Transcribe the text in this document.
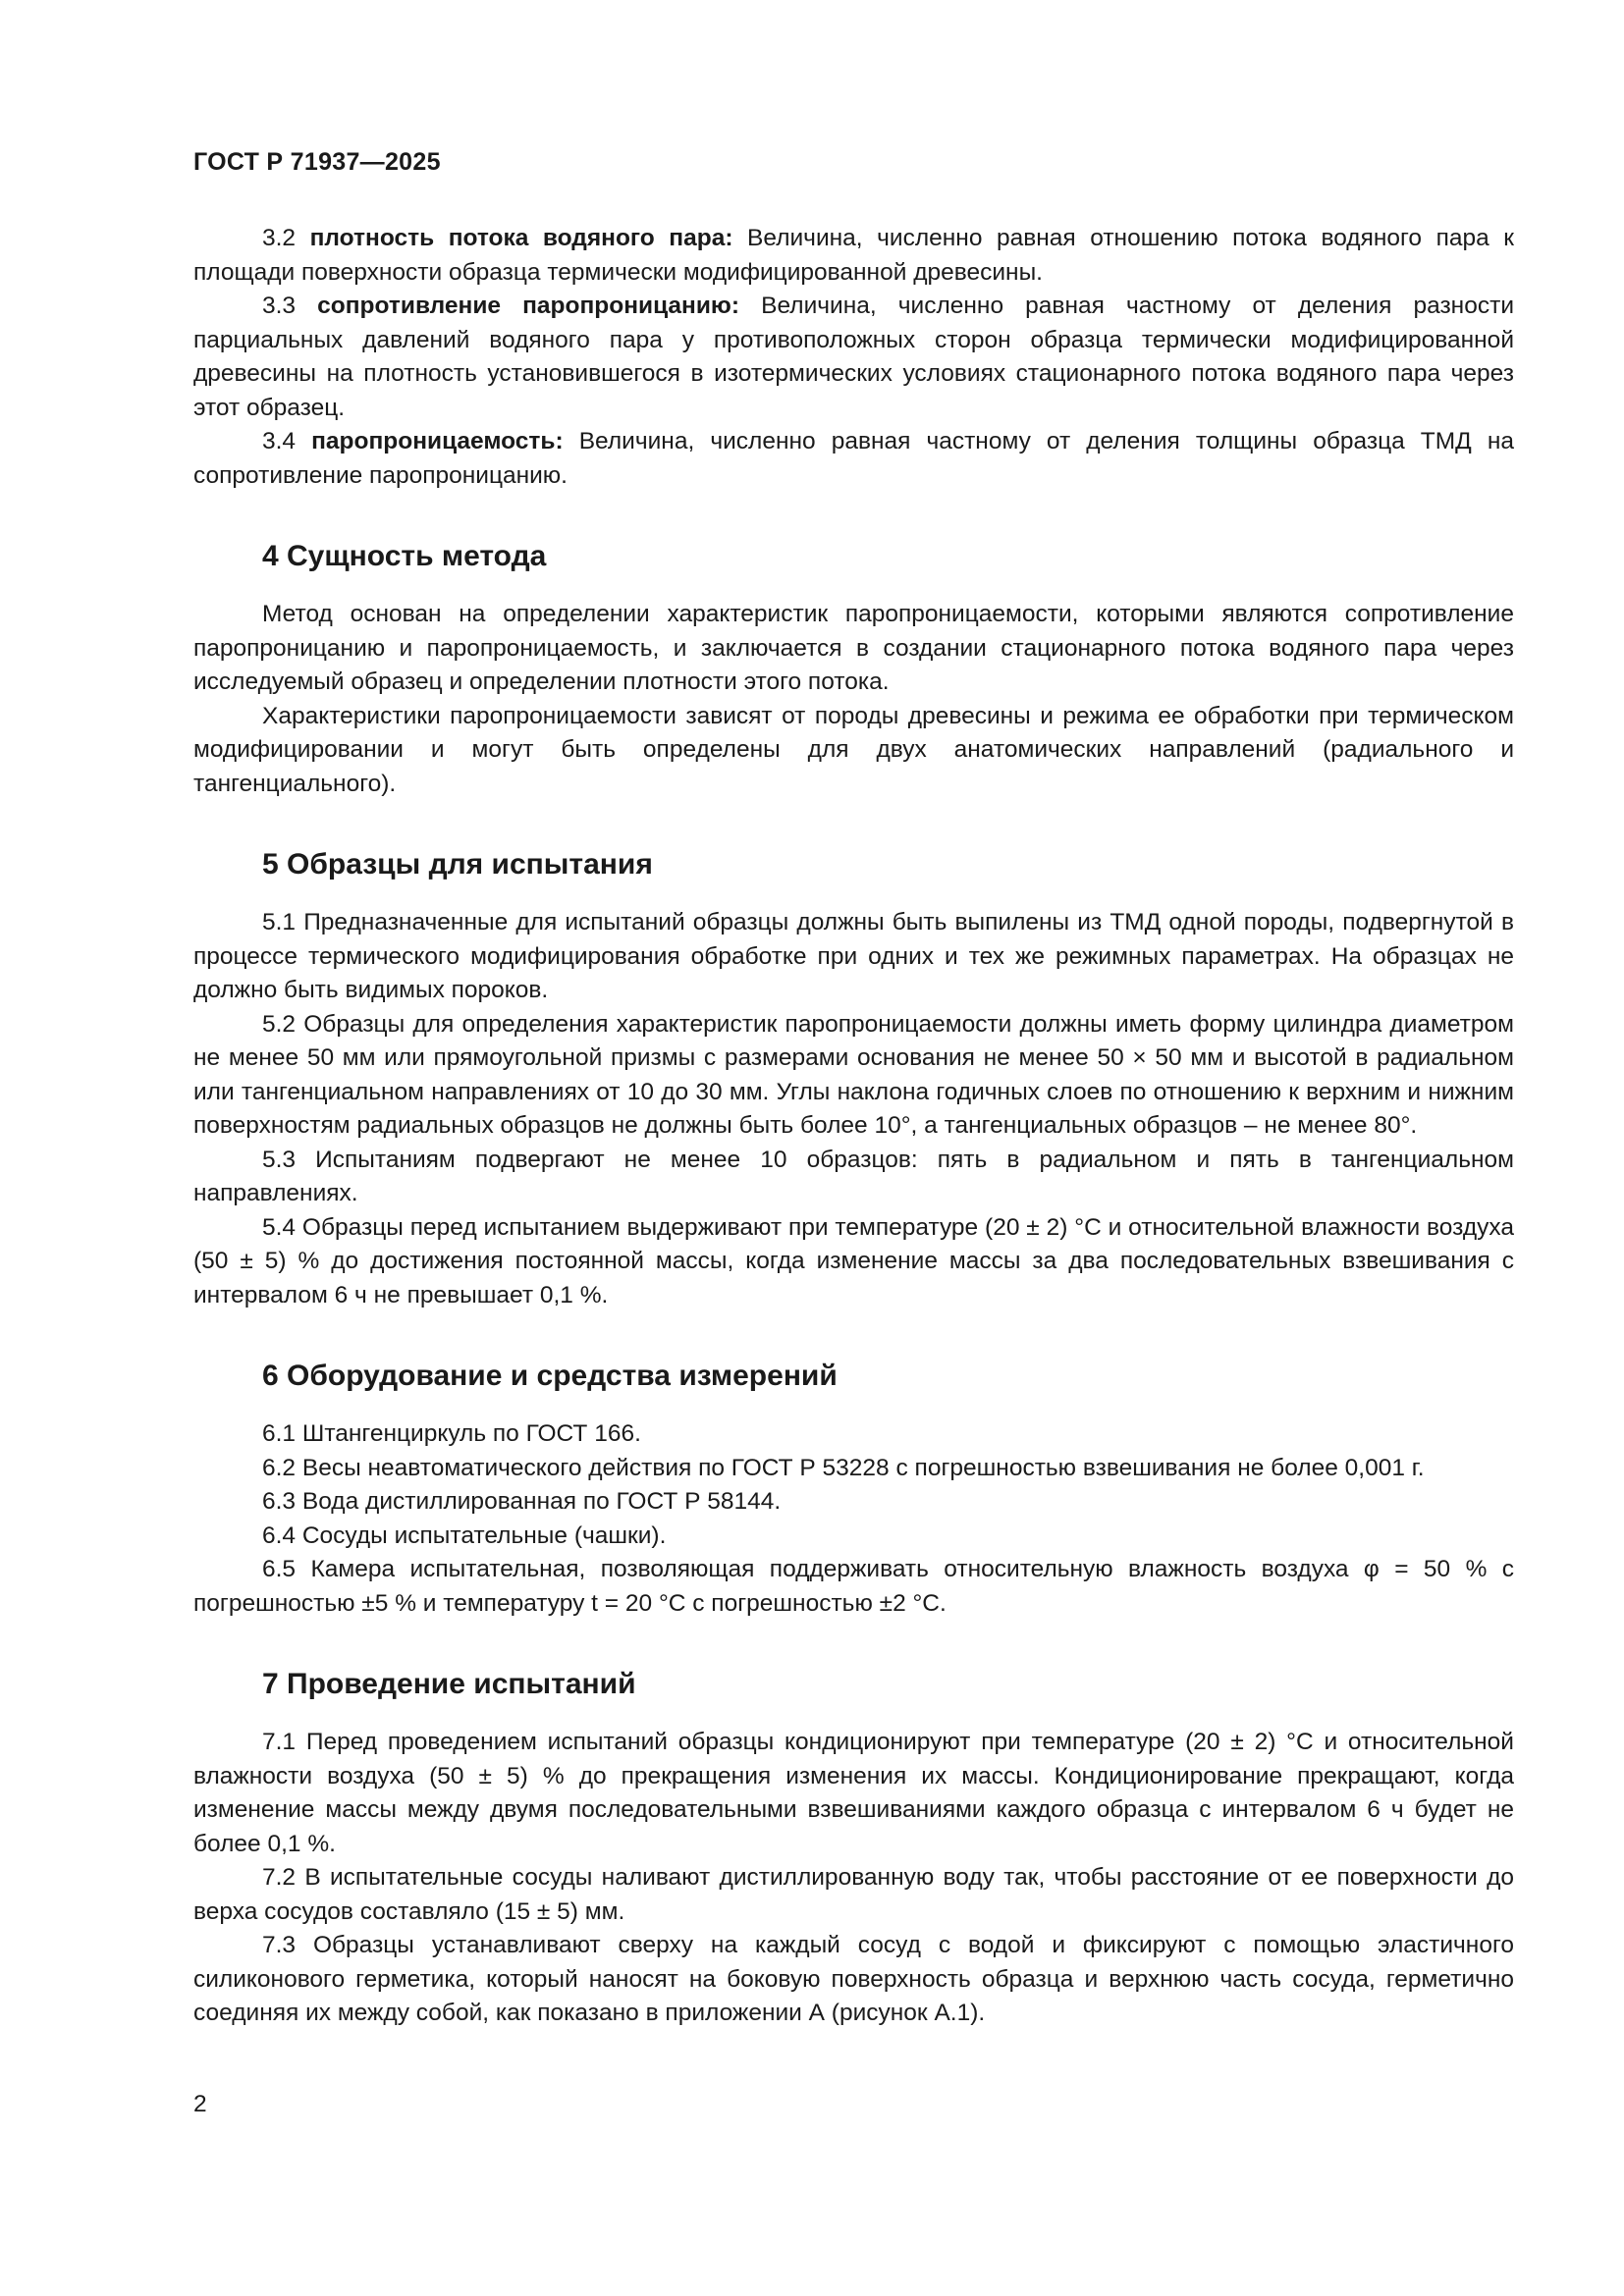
ГОСТ Р 71937—2025

3.2 плотность потока водяного пара: Величина, численно равная отношению потока водяного пара к площади поверхности образца термически модифицированной древесины.

3.3 сопротивление паропроницанию: Величина, численно равная частному от деления разности парциальных давлений водяного пара у противоположных сторон образца термически модифицированной древесины на плотность установившегося в изотермических условиях стационарного потока водяного пара через этот образец.

3.4 паропроницаемость: Величина, численно равная частному от деления толщины образца ТМД на сопротивление паропроницанию.

4 Сущность метода

Метод основан на определении характеристик паропроницаемости, которыми являются сопротивление паропроницанию и паропроницаемость, и заключается в создании стационарного потока водяного пара через исследуемый образец и определении плотности этого потока.

Характеристики паропроницаемости зависят от породы древесины и режима ее обработки при термическом модифицировании и могут быть определены для двух анатомических направлений (радиального и тангенциального).

5 Образцы для испытания

5.1 Предназначенные для испытаний образцы должны быть выпилены из ТМД одной породы, подвергнутой в процессе термического модифицирования обработке при одних и тех же режимных параметрах. На образцах не должно быть видимых пороков.

5.2 Образцы для определения характеристик паропроницаемости должны иметь форму цилиндра диаметром не менее 50 мм или прямоугольной призмы с размерами основания не менее 50 × 50 мм и высотой в радиальном или тангенциальном направлениях от 10 до 30 мм. Углы наклона годичных слоев по отношению к верхним и нижним поверхностям радиальных образцов не должны быть более 10°, а тангенциальных образцов – не менее 80°.

5.3 Испытаниям подвергают не менее 10 образцов: пять в радиальном и пять в тангенциальном направлениях.

5.4 Образцы перед испытанием выдерживают при температуре (20 ± 2) °С и относительной влажности воздуха (50 ± 5) % до достижения постоянной массы, когда изменение массы за два последовательных взвешивания с интервалом 6 ч не превышает 0,1 %.

6 Оборудование и средства измерений

6.1 Штангенциркуль по ГОСТ 166.

6.2 Весы неавтоматического действия по ГОСТ Р 53228 с погрешностью взвешивания не более 0,001 г.

6.3 Вода дистиллированная по ГОСТ Р 58144.

6.4 Сосуды испытательные (чашки).

6.5 Камера испытательная, позволяющая поддерживать относительную влажность воздуха φ = 50 % с погрешностью ±5 % и температуру t = 20 °С с погрешностью ±2 °С.

7 Проведение испытаний

7.1 Перед проведением испытаний образцы кондиционируют при температуре (20 ± 2) °С и относительной влажности воздуха (50 ± 5) % до прекращения изменения их массы. Кондиционирование прекращают, когда изменение массы между двумя последовательными взвешиваниями каждого образца с интервалом 6 ч будет не более 0,1 %.

7.2 В испытательные сосуды наливают дистиллированную воду так, чтобы расстояние от ее поверхности до верха сосудов составляло (15 ± 5) мм.

7.3 Образцы устанавливают сверху на каждый сосуд с водой и фиксируют с помощью эластичного силиконового герметика, который наносят на боковую поверхность образца и верхнюю часть сосуда, герметично соединяя их между собой, как показано в приложении А (рисунок А.1).

2
